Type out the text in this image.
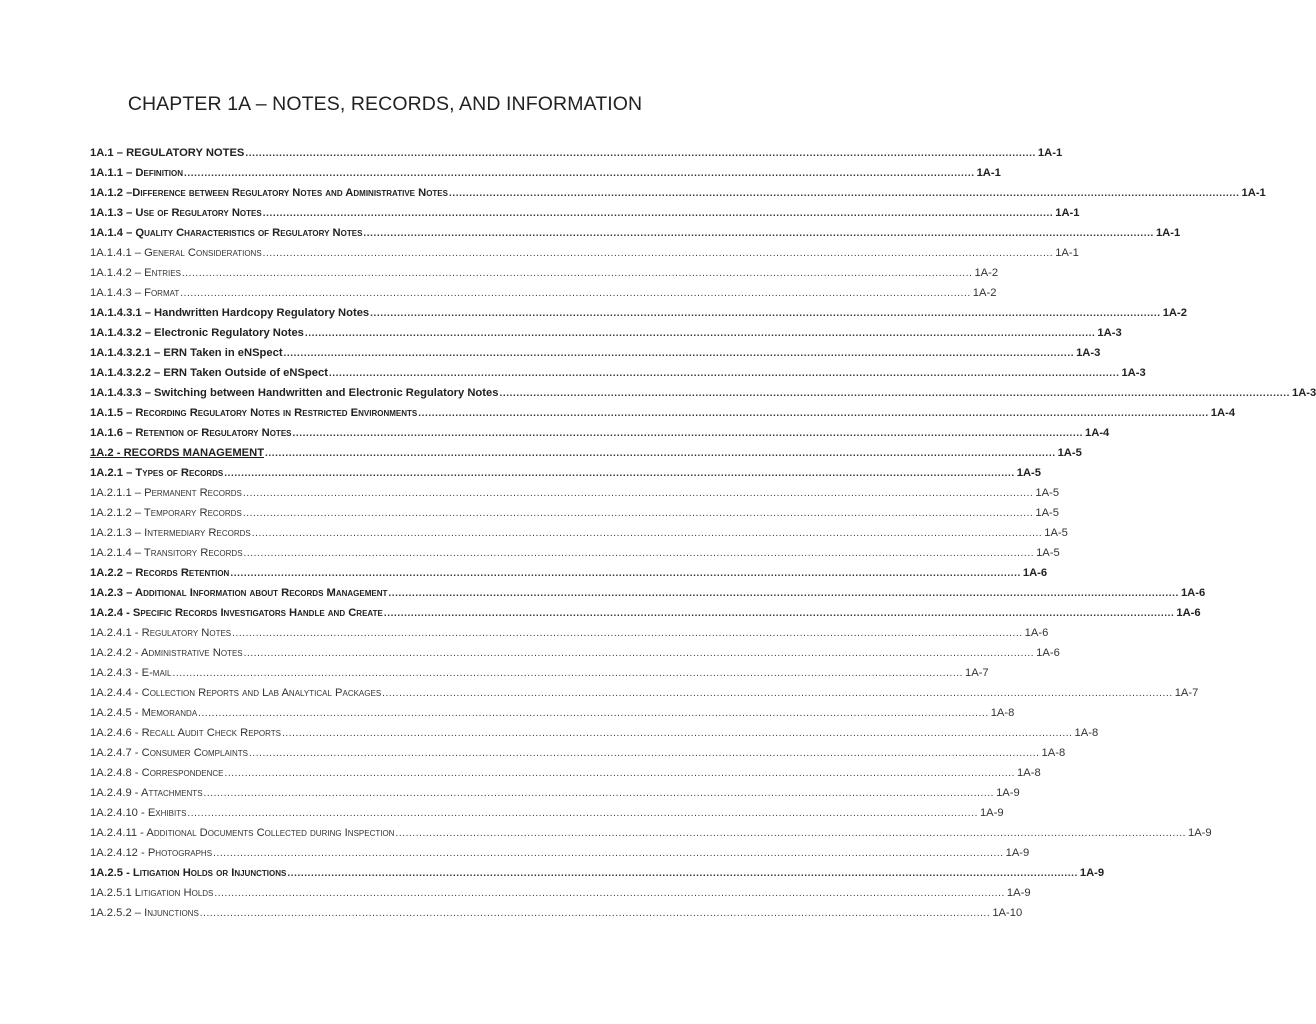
CHAPTER 1A – NOTES, RECORDS, AND INFORMATION
1A.1 – REGULATORY NOTES .....	1A-1
1A.1.1 – Definition .....	1A-1
1A.1.2 –Difference between Regulatory Notes and Administrative Notes .....	1A-1
1A.1.3 – Use of Regulatory Notes .....	1A-1
1A.1.4 – Quality Characteristics of Regulatory Notes .....	1A-1
1A.1.4.1 – General Considerations .....	1A-1
1A.1.4.2 – Entries .....	1A-2
1A.1.4.3 – Format .....	1A-2
1A.1.4.3.1 – Handwritten Hardcopy Regulatory Notes .....	1A-2
1A.1.4.3.2 – Electronic Regulatory Notes .....	1A-3
1A.1.4.3.2.1 – ERN Taken in eNSpect .....	1A-3
1A.1.4.3.2.2 – ERN Taken Outside of eNSpect .....	1A-3
1A.1.4.3.3 – Switching between Handwritten and Electronic Regulatory Notes .....	1A-3
1A.1.5 – Recording Regulatory Notes in Restricted Environments .....	1A-4
1A.1.6 – Retention of Regulatory Notes .....	1A-4
1A.2 - RECORDS MANAGEMENT .....	1A-5
1A.2.1 – Types of Records .....	1A-5
1A.2.1.1 – Permanent Records .....	1A-5
1A.2.1.2 – Temporary Records .....	1A-5
1A.2.1.3 – Intermediary Records .....	1A-5
1A.2.1.4 – Transitory Records .....	1A-5
1A.2.2 – Records Retention .....	1A-6
1A.2.3 – Additional Information about Records Management .....	1A-6
1A.2.4 - Specific Records Investigators Handle and Create .....	1A-6
1A.2.4.1 - Regulatory Notes .....	1A-6
1A.2.4.2 - Administrative Notes .....	1A-6
1A.2.4.3 - E-mail .....	1A-7
1A.2.4.4 - Collection Reports and Lab Analytical Packages .....	1A-7
1A.2.4.5 - Memoranda .....	1A-8
1A.2.4.6 - Recall Audit Check Reports .....	1A-8
1A.2.4.7 - Consumer Complaints .....	1A-8
1A.2.4.8 - Correspondence .....	1A-8
1A.2.4.9 - Attachments .....	1A-9
1A.2.4.10 - Exhibits .....	1A-9
1A.2.4.11 - Additional Documents Collected during Inspection .....	1A-9
1A.2.4.12 - Photographs .....	1A-9
1A.2.5 - Litigation Holds or Injunctions .....	1A-9
1A.2.5.1 Litigation Holds .....	1A-9
1A.2.5.2 – Injunctions .....	1A-10
